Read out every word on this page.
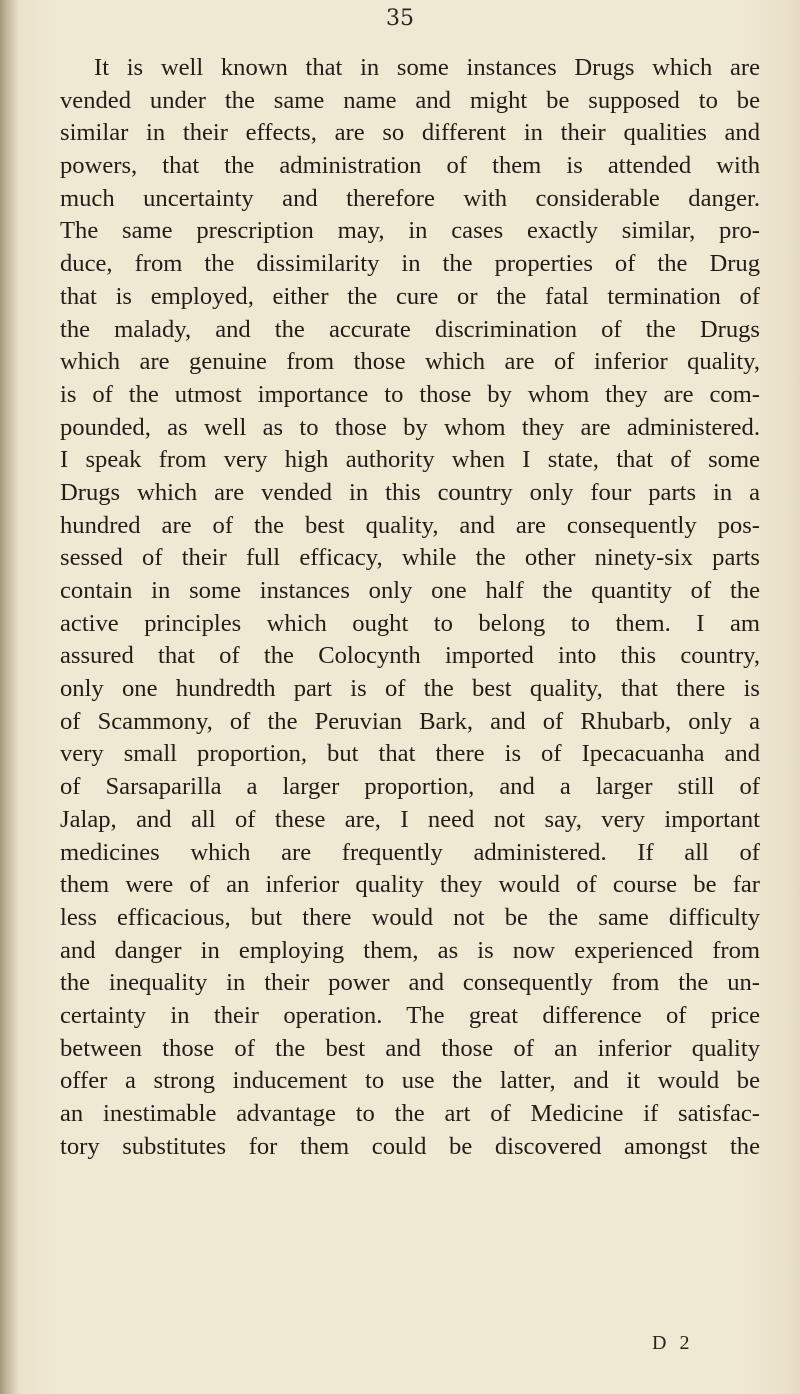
35
It is well known that in some instances Drugs which are
vended under the same name and might be supposed to be
similar in their effects, are so different in their qualities and
powers, that the administration of them is attended with
much uncertainty and therefore with considerable danger.
The same prescription may, in cases exactly similar, pro-
duce, from the dissimilarity in the properties of the Drug
that is employed, either the cure or the fatal termination of
the malady, and the accurate discrimination of the Drugs
which are genuine from those which are of inferior quality,
is of the utmost importance to those by whom they are com-
pounded, as well as to those by whom they are administered.
I speak from very high authority when I state, that of some
Drugs which are vended in this country only four parts in a
hundred are of the best quality, and are consequently pos-
sessed of their full efficacy, while the other ninety-six parts
contain in some instances only one half the quantity of the
active principles which ought to belong to them. I am
assured that of the Colocynth imported into this country,
only one hundredth part is of the best quality, that there is
of Scammony, of the Peruvian Bark, and of Rhubarb, only a
very small proportion, but that there is of Ipecacuanha and
of Sarsaparilla a larger proportion, and a larger still of
Jalap, and all of these are, I need not say, very important
medicines which are frequently administered. If all of
them were of an inferior quality they would of course be far
less efficacious, but there would not be the same difficulty
and danger in employing them, as is now experienced from
the inequality in their power and consequently from the un-
certainty in their operation. The great difference of price
between those of the best and those of an inferior quality
offer a strong inducement to use the latter, and it would be
an inestimable advantage to the art of Medicine if satisfac-
tory substitutes for them could be discovered amongst the
D 2
